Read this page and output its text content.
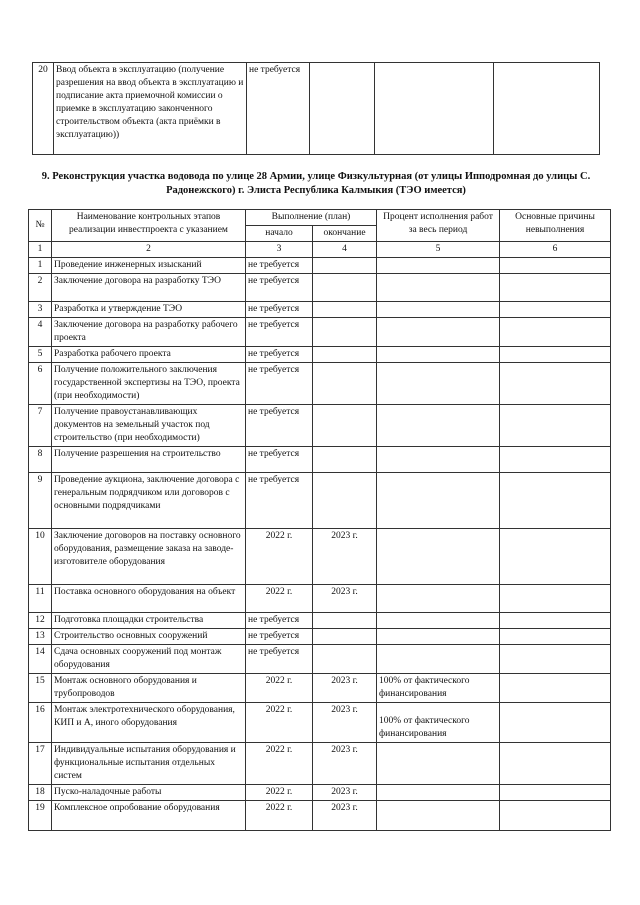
20	Ввод объекта в эксплуатацию (получение разрешения на ввод объекта в эксплуатацию и подписание акта приемочной комиссии о приемке в эксплуатацию законченного строительством объекта (акта приёмки в эксплуатацию))	не требуется			
9. Реконструкция участка водовода по улице 28 Армии, улице Физкультурная (от улицы Ипподромная до улицы С. Радонежского) г. Элиста Республика Калмыкия (ТЭО имеется)
№	Наименование контрольных этапов реализации инвестпроекта с указанием	Выполнение (план)		Процент исполнения работ за весь период	Основные причины невыполнения
		начало	окончание		
1	2	3	4	5	6
1	Проведение инженерных изысканий	не требуется			
2	Заключение договора на разработку ТЭО	не требуется			
3	Разработка и утверждение ТЭО	не требуется			
4	Заключение договора на разработку рабочего проекта	не требуется			
5	Разработка рабочего проекта	не требуется			
6	Получение положительного заключения государственной экспертизы на ТЭО, проекта (при необходимости)	не требуется			
7	Получение правоустанавливающих документов на земельный участок под строительство (при необходимости)	не требуется			
8	Получение разрешения на строительство	не требуется			
9	Проведение аукциона, заключение договора с генеральным подрядчиком или договоров с основными подрядчиками	не требуется			
10	Заключение договоров на поставку основного оборудования, размещение заказа на заводе-изготовителе оборудования	2022 г.	2023 г.		
11	Поставка основного оборудования на объект	2022 г.	2023 г.		
12	Подготовка площадки строительства	не требуется			
13	Строительство основных сооружений	не требуется			
14	Сдача основных сооружений под монтаж оборудования	не требуется			
15	Монтаж основного оборудования и трубопроводов	2022 г.	2023 г.	100% от фактического финансирования	
16	Монтаж электротехнического оборудования, КИП и А, иного оборудования	2022 г.	2023 г.	100% от фактического финансирования	
17	Индивидуальные испытания оборудования и функциональные испытания отдельных систем	2022 г.	2023 г.		
18	Пуско-наладочные работы	2022 г.	2023 г.		
19	Комплексное опробование оборудования	2022 г.	2023 г.		
